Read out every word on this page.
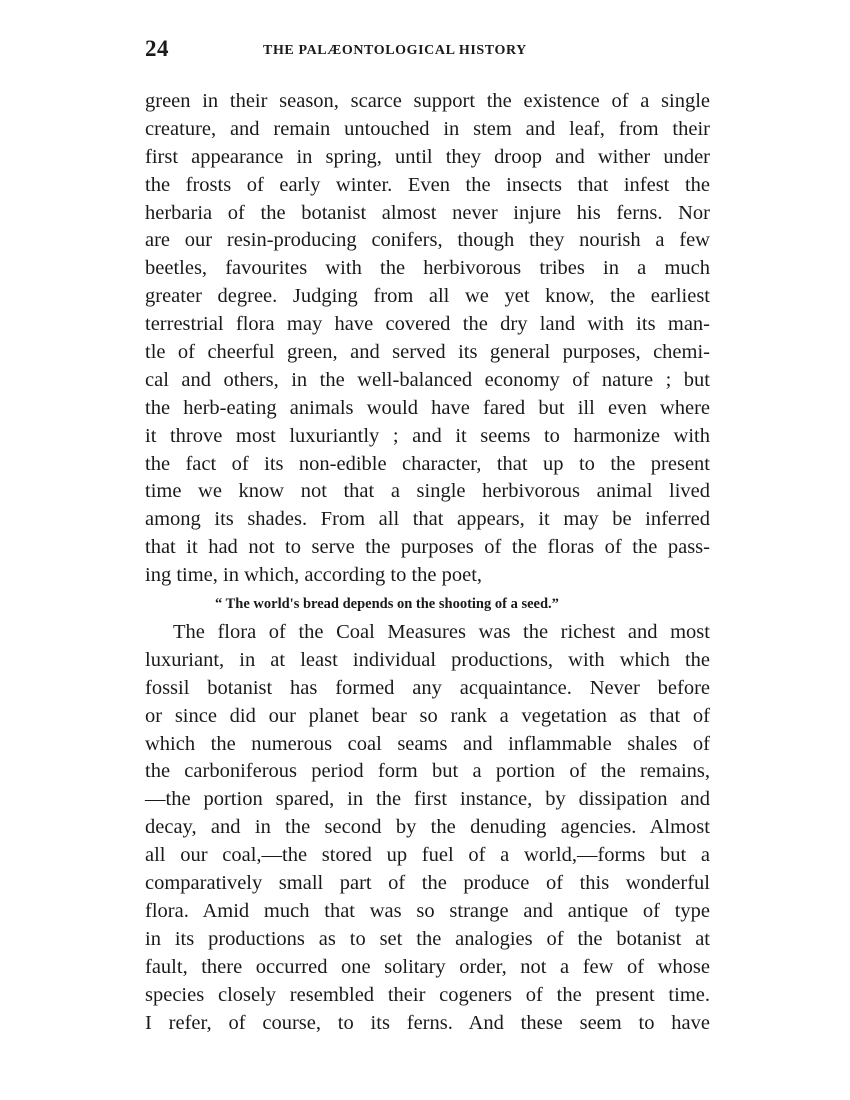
24	THE PALÆONTOLOGICAL HISTORY
green in their season, scarce support the existence of a single
creature, and remain untouched in stem and leaf, from their
first appearance in spring, until they droop and wither under
the frosts of early winter. Even the insects that infest the
herbaria of the botanist almost never injure his ferns. Nor
are our resin-producing conifers, though they nourish a few
beetles, favourites with the herbivorous tribes in a much
greater degree. Judging from all we yet know, the earliest
terrestrial flora may have covered the dry land with its man-
tle of cheerful green, and served its general purposes, chemi-
cal and others, in the well-balanced economy of nature ; but
the herb-eating animals would have fared but ill even where
it throve most luxuriantly ; and it seems to harmonize with
the fact of its non-edible character, that up to the present
time we know not that a single herbivorous animal lived
among its shades. From all that appears, it may be inferred
that it had not to serve the purposes of the floras of the pass-
ing time, in which, according to the poet,
“ The world's bread depends on the shooting of a seed.”
The flora of the Coal Measures was the richest and most
luxuriant, in at least individual productions, with which the
fossil botanist has formed any acquaintance. Never before
or since did our planet bear so rank a vegetation as that of
which the numerous coal seams and inflammable shales of
the carboniferous period form but a portion of the remains,
—the portion spared, in the first instance, by dissipation and
decay, and in the second by the denuding agencies. Almost
all our coal,—the stored up fuel of a world,—forms but a
comparatively small part of the produce of this wonderful
flora. Amid much that was so strange and antique of type
in its productions as to set the analogies of the botanist at
fault, there occurred one solitary order, not a few of whose
species closely resembled their cogeners of the present time.
I refer, of course, to its ferns. And these seem to have
